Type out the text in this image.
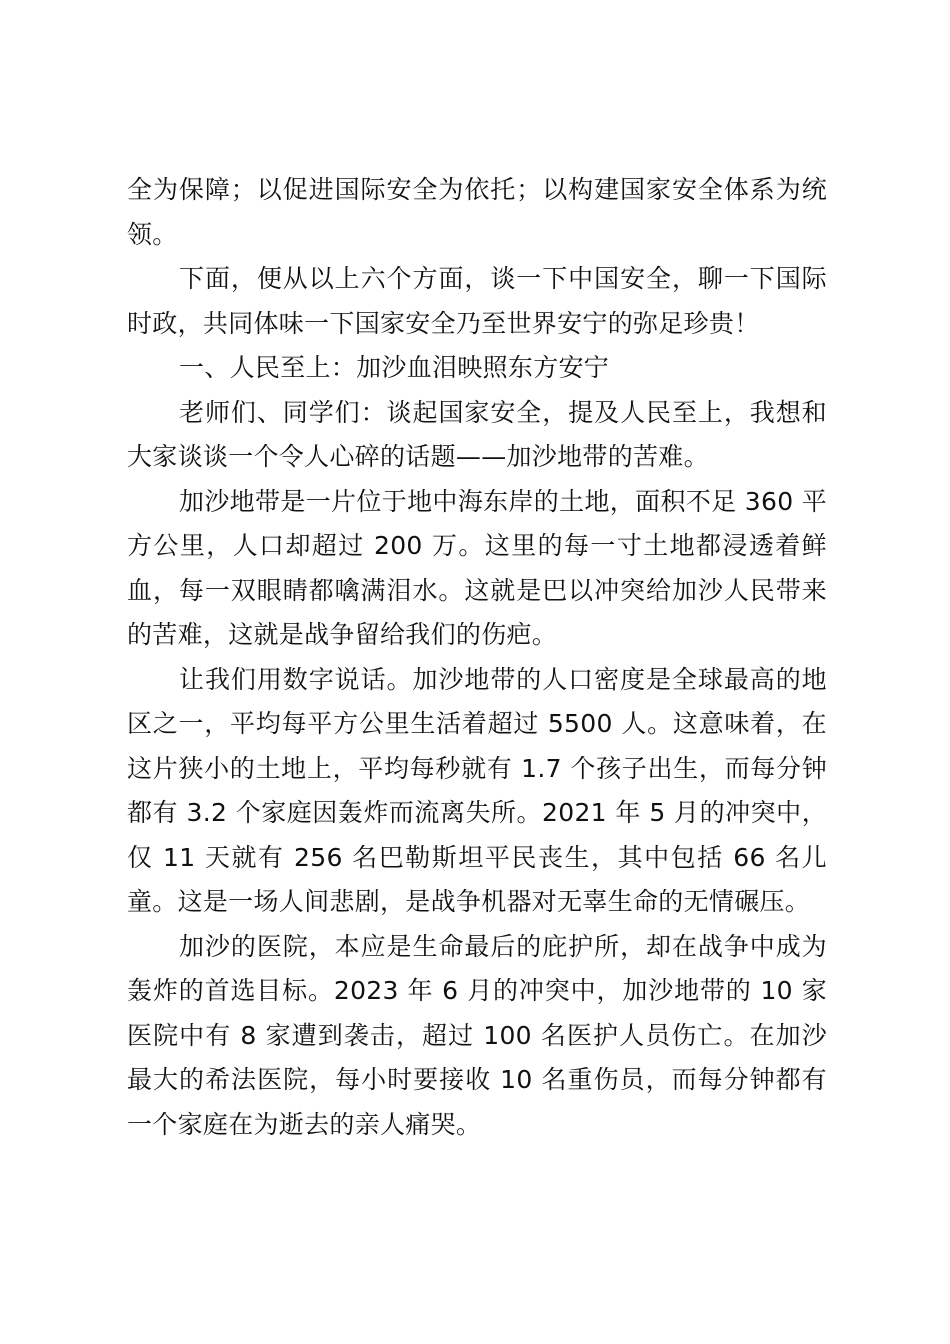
全为保障；以促进国际安全为依托；以构建国家安全体系为统领。

下面，便从以上六个方面，谈一下中国安全，聊一下国际时政，共同体味一下国家安全乃至世界安宁的弥足珍贵！

一、人民至上：加沙血泪映照东方安宁

老师们、同学们：谈起国家安全，提及人民至上，我想和大家谈谈一个令人心碎的话题——加沙地带的苦难。

加沙地带是一片位于地中海东岸的土地，面积不足 360 平方公里，人口却超过 200 万。这里的每一寸土地都浸透着鲜血，每一双眼睛都噙满泪水。这就是巴以冲突给加沙人民带来的苦难，这就是战争留给我们的伤疤。

让我们用数字说话。加沙地带的人口密度是全球最高的地区之一，平均每平方公里生活着超过 5500 人。这意味着，在这片狭小的土地上，平均每秒就有 1.7 个孩子出生，而每分钟都有 3.2 个家庭因轰炸而流离失所。2021 年 5 月的冲突中，仅 11 天就有 256 名巴勒斯坦平民丧生，其中包括 66 名儿童。这是一场人间悲剧，是战争机器对无辜生命的无情碾压。

加沙的医院，本应是生命最后的庇护所，却在战争中成为轰炸的首选目标。2023 年 6 月的冲突中，加沙地带的 10 家医院中有 8 家遭到袭击，超过 100 名医护人员伤亡。在加沙最大的希法医院，每小时要接收 10 名重伤员，而每分钟都有一个家庭在为逝去的亲人痛哭。
